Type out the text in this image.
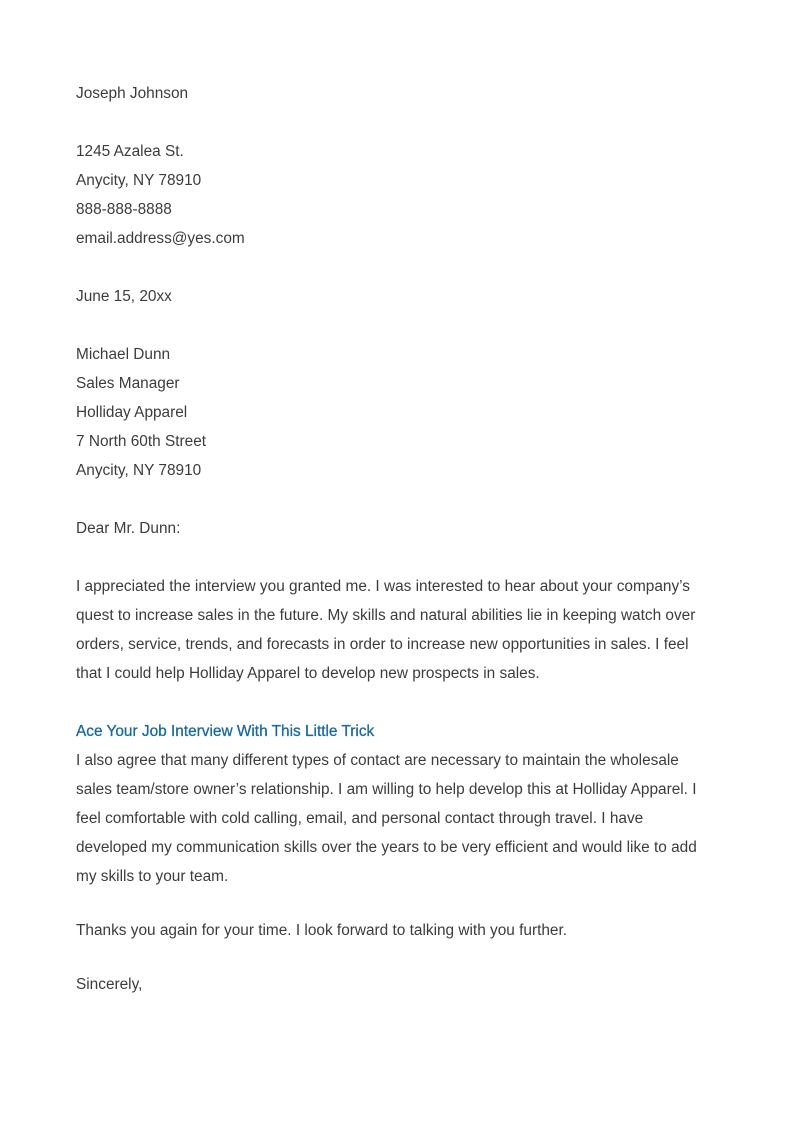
Joseph Johnson
1245 Azalea St.
Anycity, NY 78910
888-888-8888
email.address@yes.com
June 15, 20xx
Michael Dunn
Sales Manager
Holliday Apparel
7 North 60th Street
Anycity, NY 78910
Dear Mr. Dunn:

I appreciated the interview you granted me. I was interested to hear about your company’s quest to increase sales in the future. My skills and natural abilities lie in keeping watch over orders, service, trends, and forecasts in order to increase new opportunities in sales. I feel that I could help Holliday Apparel to develop new prospects in sales.

Ace Your Job Interview With This Little Trick

I also agree that many different types of contact are necessary to maintain the wholesale sales team/store owner’s relationship. I am willing to help develop this at Holliday Apparel. I feel comfortable with cold calling, email, and personal contact through travel. I have developed my communication skills over the years to be very efficient and would like to add my skills to your team.

Thanks you again for your time. I look forward to talking with you further.

Sincerely,
